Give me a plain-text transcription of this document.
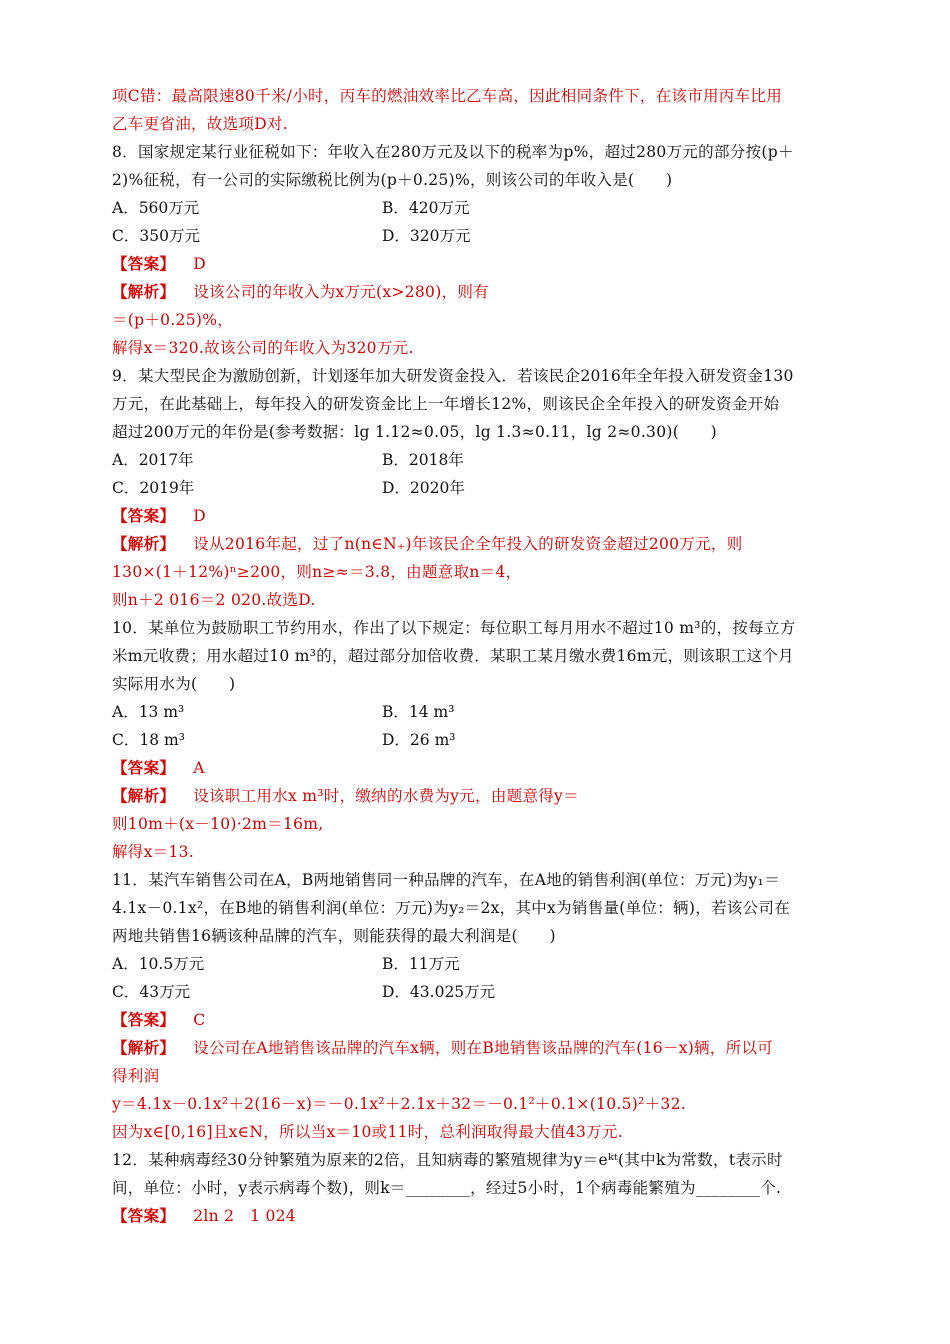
项C错：最高限速80千米/小时，丙车的燃油效率比乙车高，因此相同条件下，在该市用丙车比用
乙车更省油，故选项D对.
8．国家规定某行业征税如下：年收入在280万元及以下的税率为p%，超过280万元的部分按(p＋
2)%征税，有一公司的实际缴税比例为(p＋0.25)%，则该公司的年收入是(　　)
A．560万元	B．420万元
C．350万元	D．320万元
【答案】 D
【解析】 设该公司的年收入为x万元(x>280)，则有
＝(p＋0.25)%，
解得x＝320.故该公司的年收入为320万元.
9．某大型民企为激励创新，计划逐年加大研发资金投入．若该民企2016年全年投入研发资金130
万元，在此基础上，每年投入的研发资金比上一年增长12%，则该民企全年投入的研发资金开始
超过200万元的年份是(参考数据：lg 1.12≈0.05，lg 1.3≈0.11，lg 2≈0.30)(　　)
A．2017年	B．2018年
C．2019年	D．2020年
【答案】 D
【解析】 设从2016年起，过了n(n∈N₊)年该民企全年投入的研发资金超过200万元，则
130×(1＋12%)ⁿ≥200，则n≥≈＝3.8，由题意取n＝4，
则n＋2 016＝2 020.故选D.
10．某单位为鼓励职工节约用水，作出了以下规定：每位职工每月用水不超过10 m³的，按每立方
米m元收费；用水超过10 m³的，超过部分加倍收费．某职工某月缴水费16m元，则该职工这个月
实际用水为(　　)
A．13 m³	B．14 m³
C．18 m³	D．26 m³
【答案】 A
【解析】 设该职工用水x m³时，缴纳的水费为y元，由题意得y＝
则10m＋(x－10)·2m＝16m,
解得x＝13.
11．某汽车销售公司在A，B两地销售同一种品牌的汽车，在A地的销售利润(单位：万元)为y₁＝
4.1x－0.1x²，在B地的销售利润(单位：万元)为y₂＝2x，其中x为销售量(单位：辆)，若该公司在
两地共销售16辆该种品牌的汽车，则能获得的最大利润是(　　)
A．10.5万元	B．11万元
C．43万元	D．43.025万元
【答案】 C
【解析】 设公司在A地销售该品牌的汽车x辆，则在B地销售该品牌的汽车(16－x)辆，所以可
得利润
y＝4.1x－0.1x²＋2(16－x)＝－0.1x²＋2.1x＋32＝－0.1²＋0.1×(10.5)²＋32.
因为x∈[0,16]且x∈N，所以当x＝10或11时，总利润取得最大值43万元.
12．某种病毒经30分钟繁殖为原来的2倍，且知病毒的繁殖规律为y＝eᵏᵗ(其中k为常数，t表示时
间，单位：小时，y表示病毒个数)，则k＝________，经过5小时，1个病毒能繁殖为________个.
【答案】 2ln 2　1 024
